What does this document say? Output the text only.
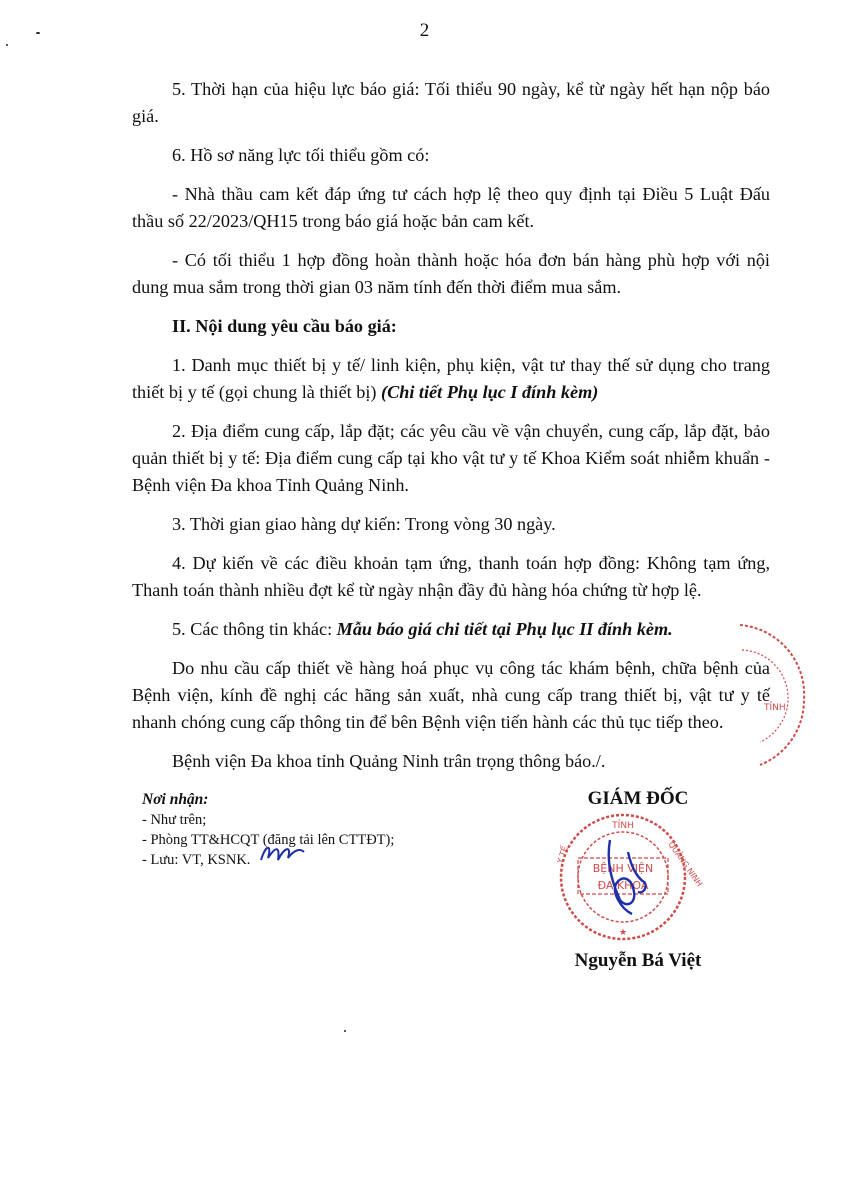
2

5. Thời hạn của hiệu lực báo giá: Tối thiểu 90 ngày, kể từ ngày hết hạn nộp báo giá.

6. Hồ sơ năng lực tối thiểu gồm có:

- Nhà thầu cam kết đáp ứng tư cách hợp lệ theo quy định tại Điều 5 Luật Đấu thầu số 22/2023/QH15 trong báo giá hoặc bản cam kết.

- Có tối thiểu 1 hợp đồng hoàn thành hoặc hóa đơn bán hàng phù hợp với nội dung mua sắm trong thời gian 03 năm tính đến thời điểm mua sắm.

II. Nội dung yêu cầu báo giá:

1. Danh mục thiết bị y tế/ linh kiện, phụ kiện, vật tư thay thế sử dụng cho trang thiết bị y tế (gọi chung là thiết bị) (Chi tiết Phụ lục I đính kèm)

2. Địa điểm cung cấp, lắp đặt; các yêu cầu về vận chuyển, cung cấp, lắp đặt, bảo quản thiết bị y tế: Địa điểm cung cấp tại kho vật tư y tế Khoa Kiểm soát nhiễm khuẩn - Bệnh viện Đa khoa Tỉnh Quảng Ninh.

3. Thời gian giao hàng dự kiến: Trong vòng 30 ngày.

4. Dự kiến về các điều khoản tạm ứng, thanh toán hợp đồng: Không tạm ứng, Thanh toán thành nhiều đợt kể từ ngày nhận đầy đủ hàng hóa chứng từ hợp lệ.

5. Các thông tin khác: Mẫu báo giá chi tiết tại Phụ lục II đính kèm.

Do nhu cầu cấp thiết về hàng hoá phục vụ công tác khám bệnh, chữa bệnh của Bệnh viện, kính đề nghị các hãng sản xuất, nhà cung cấp trang thiết bị, vật tư y tế nhanh chóng cung cấp thông tin để bên Bệnh viện tiến hành các thủ tục tiếp theo.

Bệnh viện Đa khoa tỉnh Quảng Ninh trân trọng thông báo./.

Nơi nhận:
- Như trên;
- Phòng TT&HCQT (đăng tải lên CTTĐT);
- Lưu: VT, KSNK.
GIÁM ĐỐC
TỈNH
Y TẾ	QUẢNG NINH
BỆNH VIỆN
ĐA KHOA
★
TỈNH
Nguyễn Bá Việt
